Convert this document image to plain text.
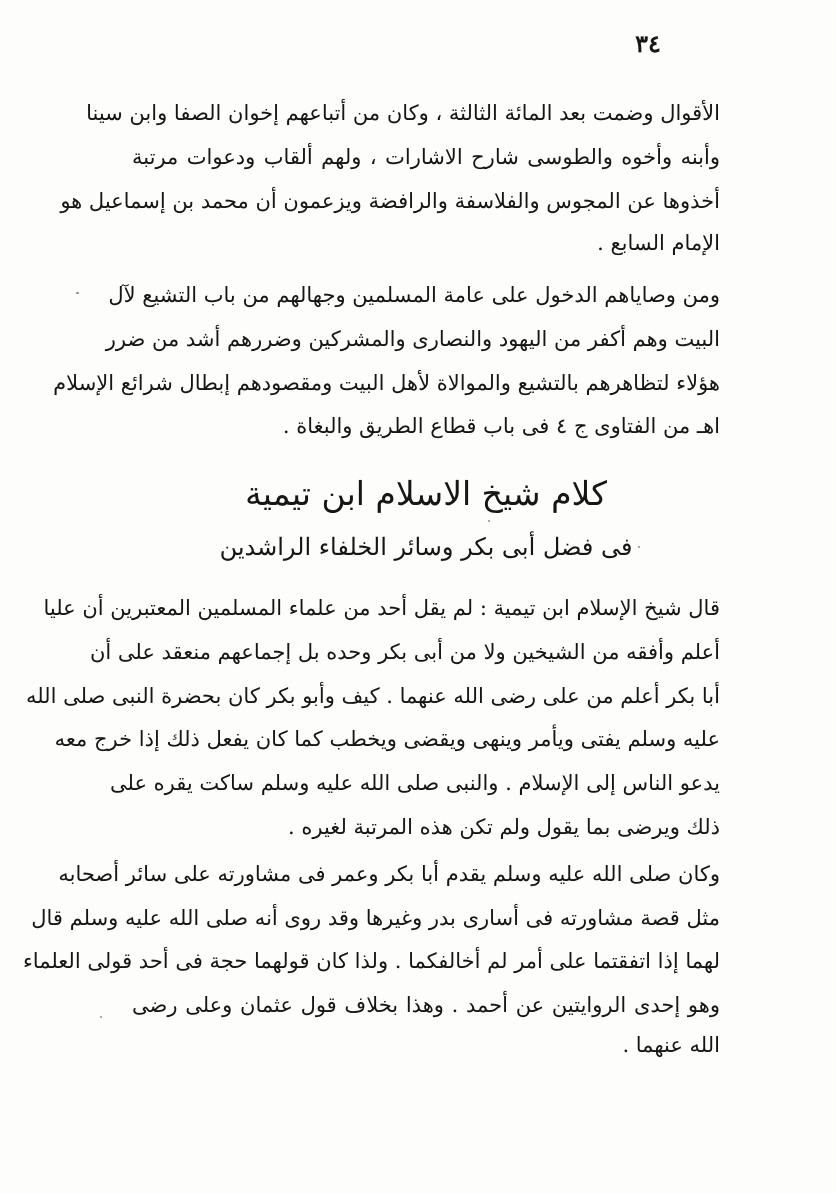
٣٤
الأقوال وضمت بعد المائة الثالثة ، وكان من أتباعهم إخوان الصفا وابن سينا
وأبنه وأخوه والطوسى شارح الاشارات ، ولهم ألقاب ودعوات مرتبة
أخذوها عن المجوس والفلاسفة والرافضة ويزعمون أن محمد بن إسماعيل هو
الإمام السابع .
ومن وصاياهم الدخول على عامة المسلمين وجهالهم من باب التشيع لآل
البيت وهم أكفر من اليهود والنصارى والمشركين وضررهم أشد من ضرر
هؤلاء لتظاهرهم بالتشيع والموالاة لأهل البيت ومقصودهم إبطال شرائع الإسلام
اهـ من الفتاوى ج ٤ فى باب قطاع الطريق والبغاة .
كلام شيخ الاسلام ابن تيمية
فى فضل أبى بكر وسائر الخلفاء الراشدين
قال شيخ الإسلام ابن تيمية : لم يقل أحد من علماء المسلمين المعتبرين أن عليا
أعلم وأفقه من الشيخين ولا من أبى بكر وحده بل إجماعهم منعقد على أن
أبا بكر أعلم من على رضى الله عنهما . كيف وأبو بكر كان بحضرة النبى صلى الله
عليه وسلم يفتى ويأمر وينهى ويقضى ويخطب كما كان يفعل ذلك إذا خرج معه
يدعو الناس إلى الإسلام . والنبى صلى الله عليه وسلم ساكت يقره على
ذلك ويرضى بما يقول ولم تكن هذه المرتبة لغيره .
وكان صلى الله عليه وسلم يقدم أبا بكر وعمر فى مشاورته على سائر أصحابه
مثل قصة مشاورته فى أسارى بدر وغيرها وقد روى أنه صلى الله عليه وسلم قال
لهما إذا اتفقتما على أمر لم أخالفكما . ولذا كان قولهما حجة فى أحد قولى العلماء
وهو إحدى الروايتين عن أحمد . وهذا بخلاف قول عثمان وعلى رضى
الله عنهما .
